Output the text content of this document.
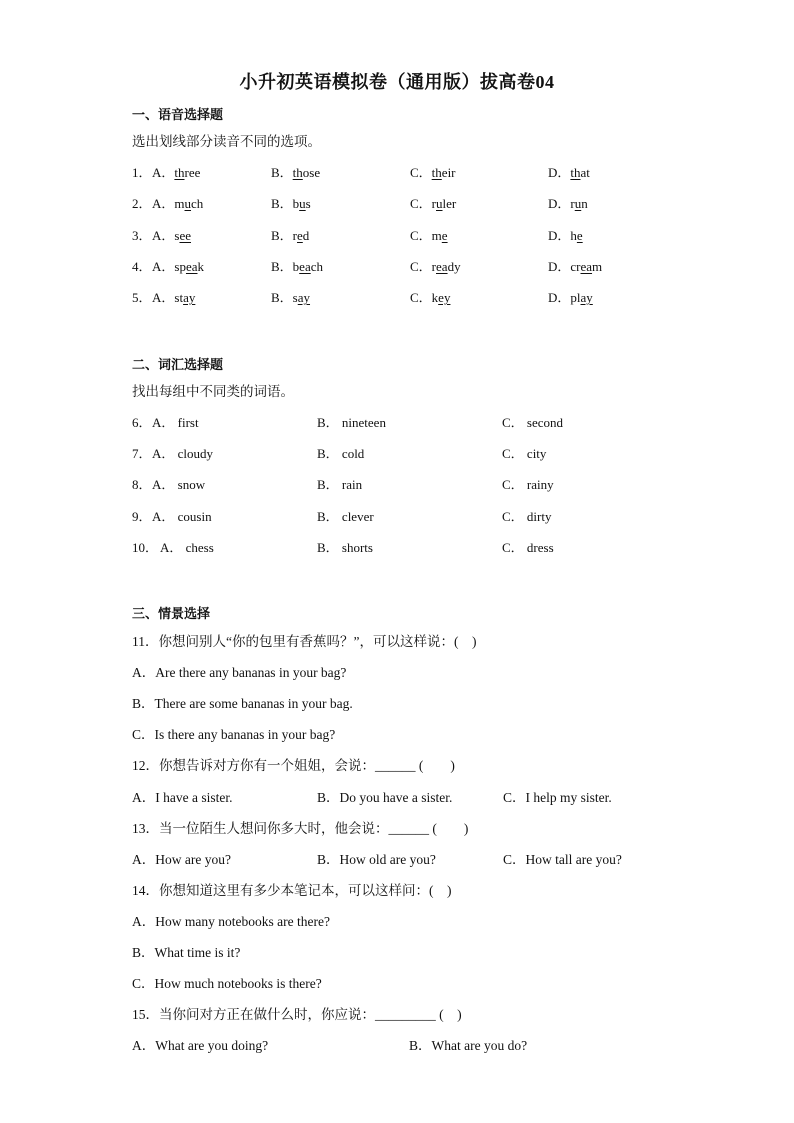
小升初英语模拟卷（通用版）拔高卷04
一、语音选择题
选出划线部分读音不同的选项。
1． A．three	B．those	C．their	D．that
2． A．much	B．bus	C．ruler	D．run
3． A．see	B．red	C．me	D．he
4． A．speak	B．beach	C．ready	D．cream
5． A．stay	B．say	C．key	D．play
二、词汇选择题
找出每组中不同类的词语。
6． A． first	B． nineteen	C． second
7． A． cloudy	B． cold	C． city
8． A． snow	B． rain	C． rainy
9． A． cousin	B． clever	C． dirty
10． A． chess	B． shorts	C． dress
三、情景选择
11．你想问别人“你的包里有香蕉吗？”，可以这样说：(　)
A．Are there any bananas in your bag?
B．There are some bananas in your bag.
C．Is there any bananas in your bag?
12．你想告诉对方你有一个姐姐，会说：______ (　　)
A．I have a sister.	B．Do you have a sister.	C．I help my sister.
13．当一位陌生人想问你多大时，他会说：______ (　　)
A．How are you?	B．How old are you?	C．How tall are you?
14．你想知道这里有多少本笔记本，可以这样问：(　)
A．How many notebooks are there?
B．What time is it?
C．How much notebooks is there?
15．当你问对方正在做什么时，你应说：_________ (　)
A．What are you doing?	B．What are you do?
